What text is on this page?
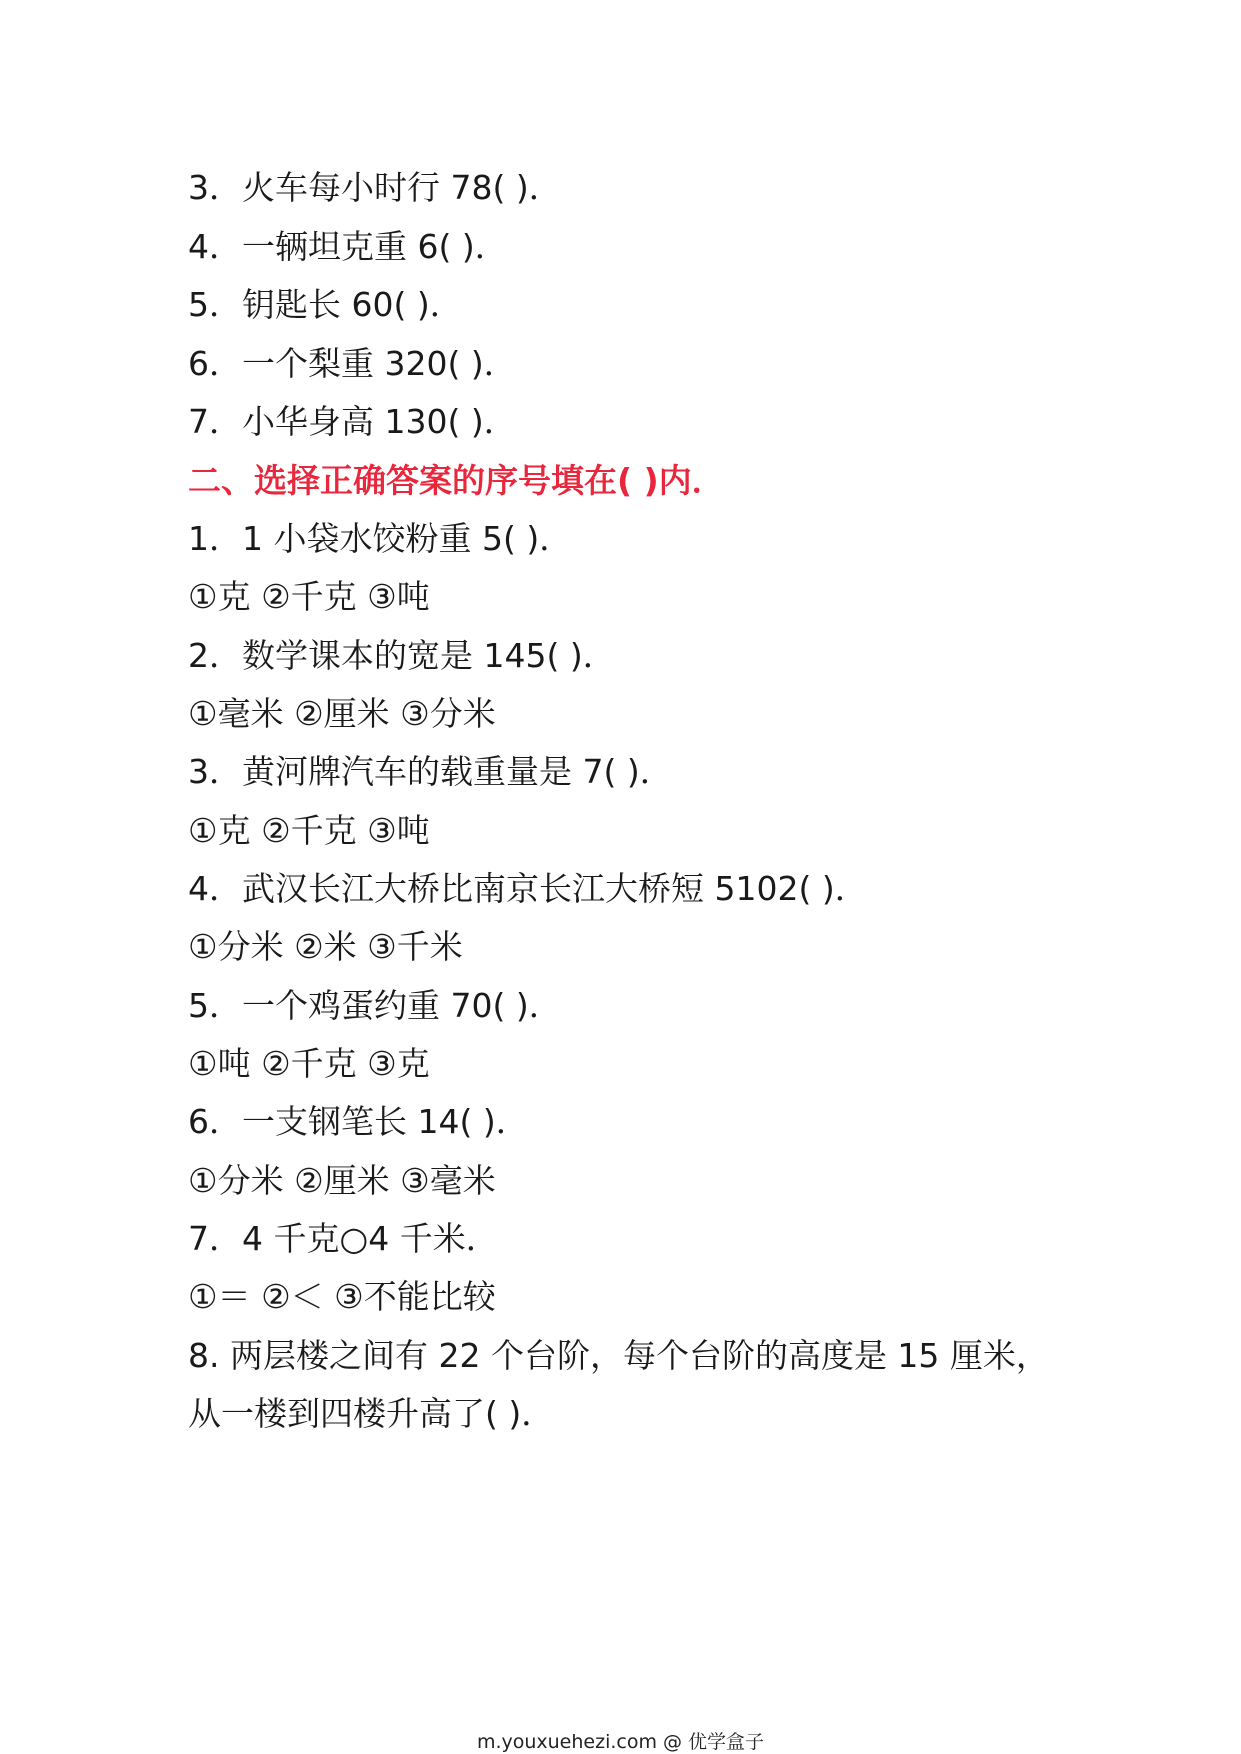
3．火车每小时行 78( )．
4．一辆坦克重 6( )．
5．钥匙长 60( )．
6．一个梨重 320( )．
7．小华身高 130( )．
二、选择正确答案的序号填在( )内．
1．1 小袋水饺粉重 5( )．
①克 ②千克 ③吨
2．数学课本的宽是 145( )．
①毫米 ②厘米 ③分米
3．黄河牌汽车的载重量是 7( )．
①克 ②千克 ③吨
4．武汉长江大桥比南京长江大桥短 5102( )．
①分米 ②米 ③千米
5．一个鸡蛋约重 70( )．
①吨 ②千克 ③克
6．一支钢笔长 14( )．
①分米 ②厘米 ③毫米
7．4 千克○4 千米．
①＝ ②＜ ③不能比较
8. 两层楼之间有 22 个台阶，每个台阶的高度是 15 厘米，
从一楼到四楼升高了( )．
m.youxuehezi.com @ 优学盒子
